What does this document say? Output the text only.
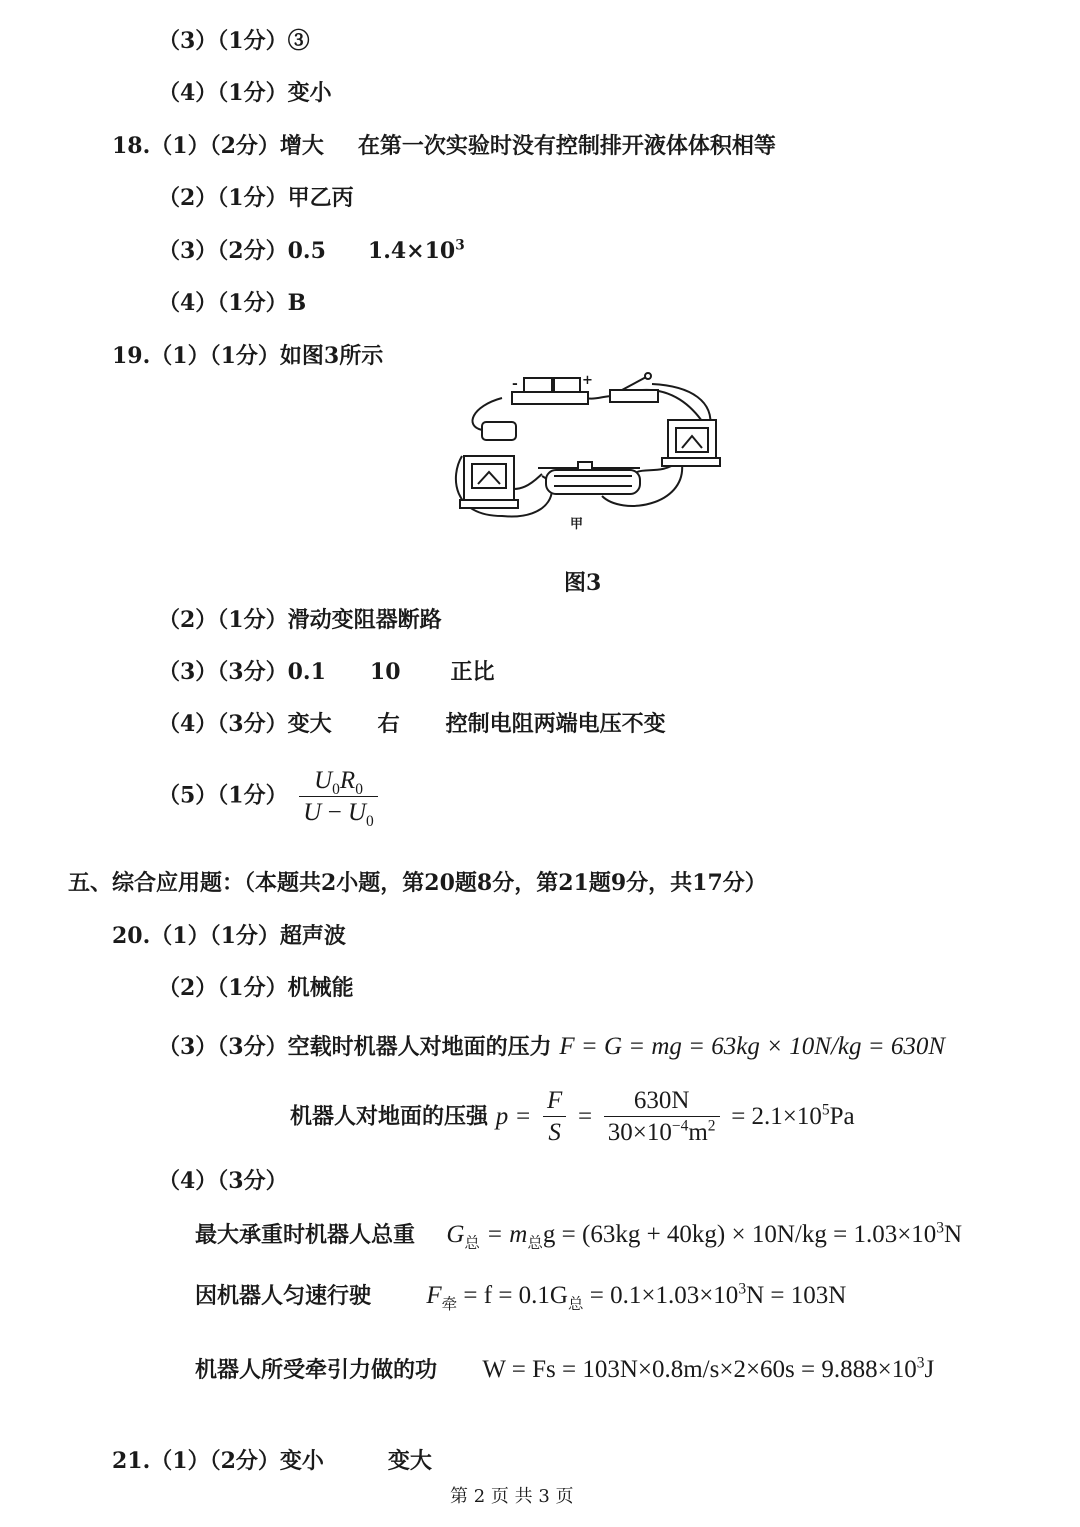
（3）（1分）③
（4）（1分）变小
18.（1）（2分）增大 在第一次实验时没有控制排开液体体积相等
（2）（1分）甲乙丙
（3）（2分）0.5 $1.4\times 10^3$
（4）（1分）B
19.（1）（1分）如图3所示
-	+
甲
图3
（2）（1分）滑动变阻器断路
（3）（3分）0.1 10 正比
（4）（3分）变大 右 控制电阻两端电压不变
（5）（1分） $\frac{U_0R_0}{U - U_0}$
五、综合应用题：（本题共2小题，第20题8分，第21题9分，共17分）
20.（1）（1分）超声波
（2）（1分）机械能
（3）（3分）空载时机器人对地面的压力 F = G = mg = 63kg × 10N/kg = 630N
机器人对地面的压强 $p = \frac{F}{S} = \frac{630N}{30\times 10^{-4}m^2} = 2.1\times 10^5Pa$
（4）（3分）
最大承重时机器人总重 $G_总 = m_总g = (63kg + 40kg) \times 10N/kg = 1.03\times 10^3N$
因机器人匀速行驶 $F_牵 = f = 0.1G_总 = 0.1\times 1.03\times 10^3N = 103N$
机器人所受牵引力做的功 $W = Fs = 103N\times 0.8m/s\times 2\times 60s = 9.888\times 10^3J$
21.（1）（2分）变小	变大
第 2 页 共 3 页
